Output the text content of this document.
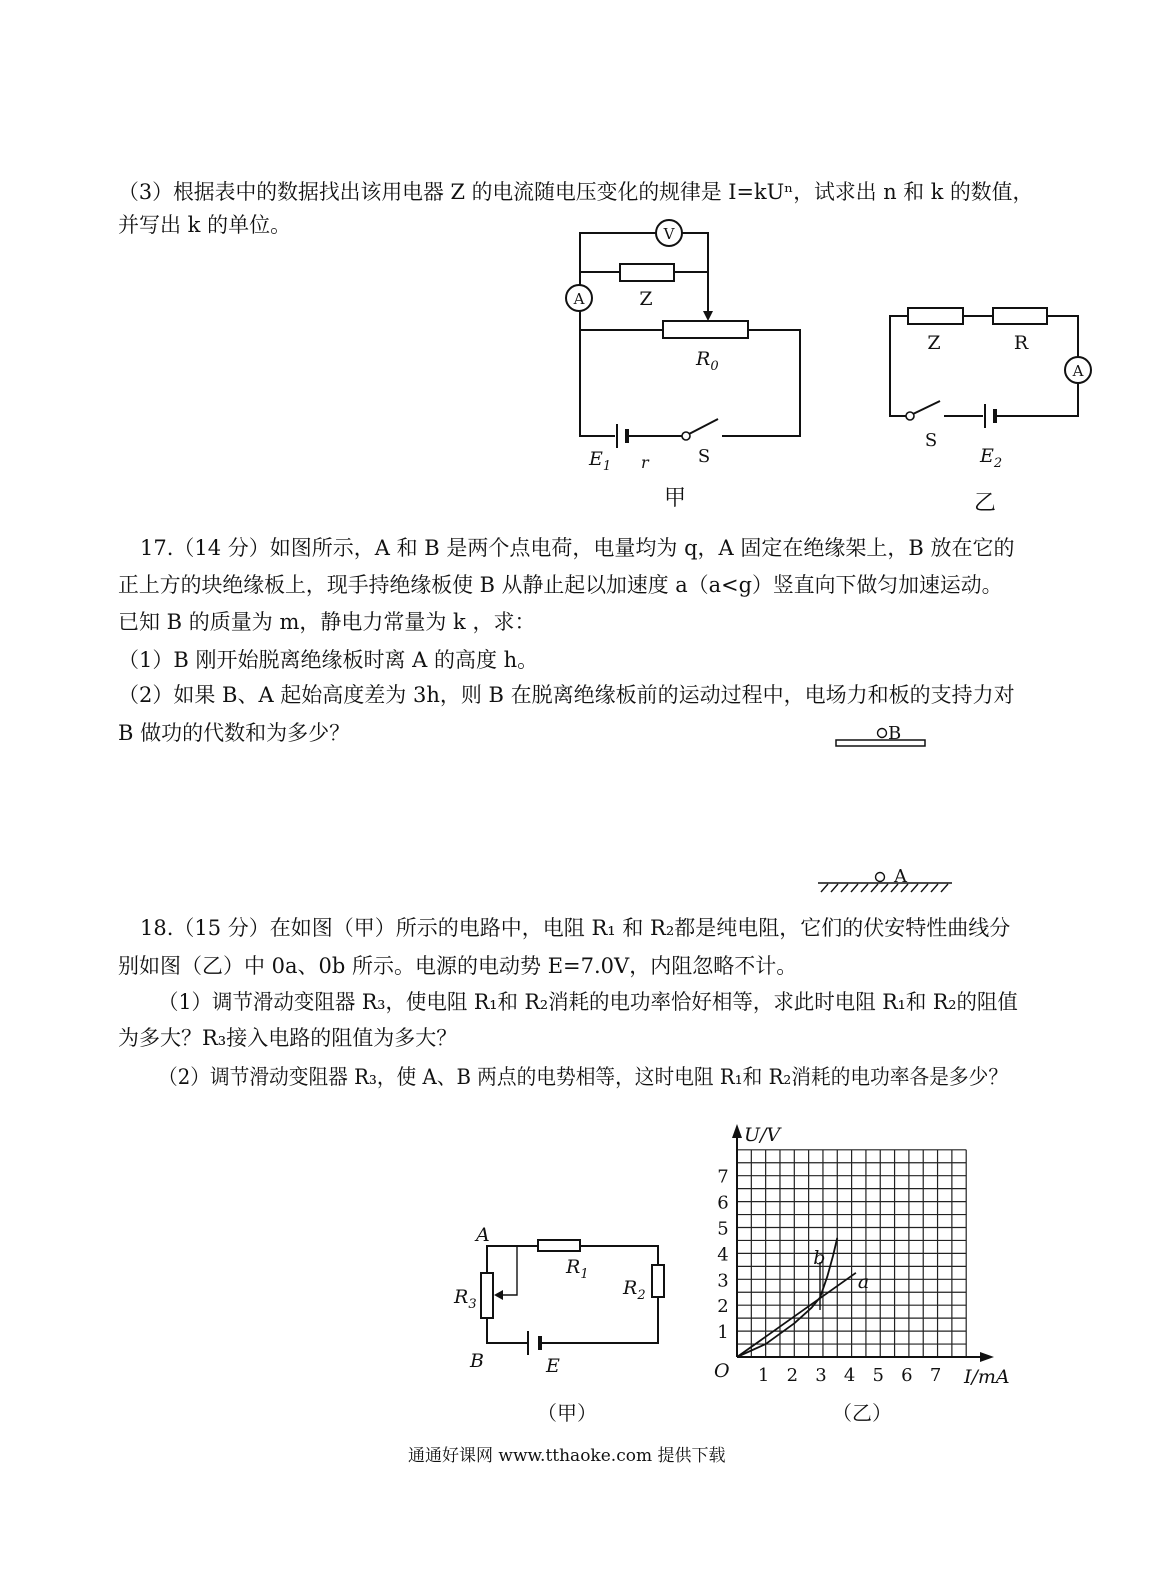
（3）根据表中的数据找出该用电器 Z 的电流随电压变化的规律是 I=kUⁿ，试求出 n 和 k 的数值，
并写出 k 的单位。
17.（14 分）如图所示，A 和 B 是两个点电荷，电量均为 q，A 固定在绝缘架上，B 放在它的
正上方的块绝缘板上，现手持绝缘板使 B 从静止起以加速度 a（a<g）竖直向下做匀加速运动。
已知 B 的质量为 m，静电力常量为 k ，求：
（1）B 刚开始脱离绝缘板时离 A 的高度 h。
（2）如果 B、A 起始高度差为 3h，则 B 在脱离绝缘板前的运动过程中，电场力和板的支持力对
B 做功的代数和为多少？
18.（15 分）在如图（甲）所示的电路中，电阻 R₁ 和 R₂都是纯电阻，它们的伏安特性曲线分
别如图（乙）中 0a、0b 所示。电源的电动势 E=7.0V，内阻忽略不计。
（1）调节滑动变阻器 R₃，使电阻 R₁和 R₂消耗的电功率恰好相等，求此时电阻 R₁和 R₂的阻值
为多大？R₃接入电路的阻值为多大？
（2）调节滑动变阻器 R₃，使 A、B 两点的电势相等，这时电阻 R₁和 R₂消耗的电功率各是多少？
通通好课网 www.tthaoke.com 提供下载
V
Z
A
$R_0$
$E_1$ r	S
甲
Z	R
A
S
$E_2$
乙
B
A
A
B
$R_1$
$R_2$
$R_3$
E
（甲）
U/V
I/mA
O 1 2 3 4 5 6 7
1
2
3
4
5
6
7
a
b
（乙）
